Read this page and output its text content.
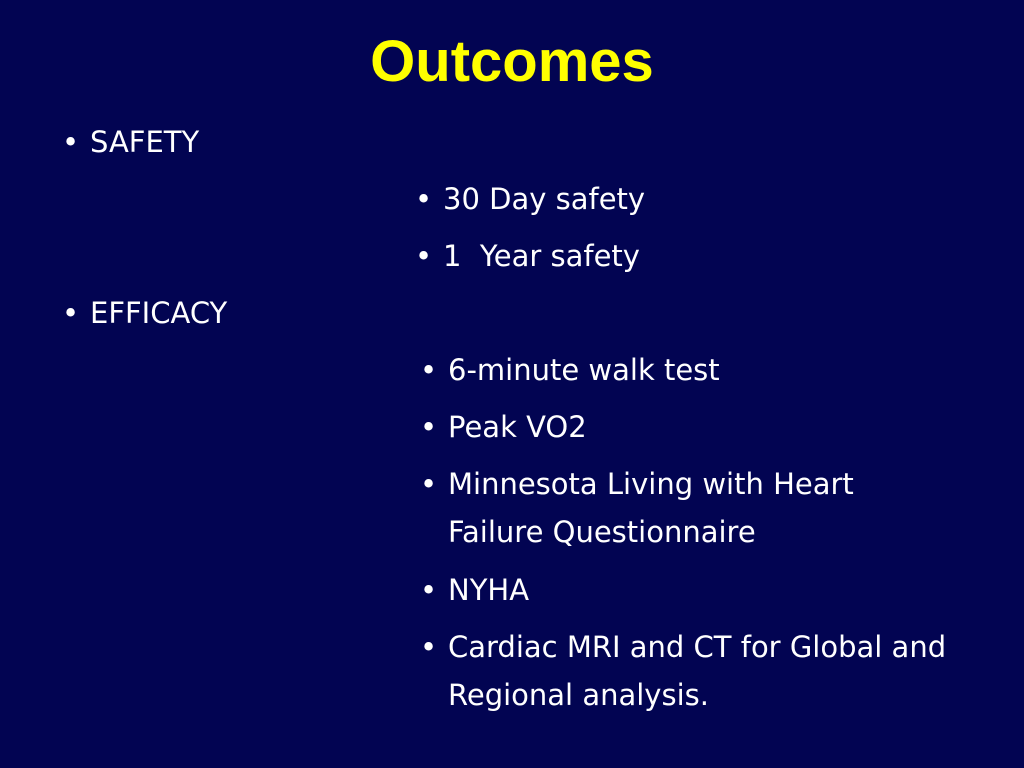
Outcomes
•
SAFETY
•
30 Day safety
•
1  Year safety
•
EFFICACY
•
6-minute walk test
•
Peak VO2
•
Minnesota Living with Heart Failure Questionnaire
•
NYHA
•
Cardiac MRI and CT for Global and Regional analysis.
